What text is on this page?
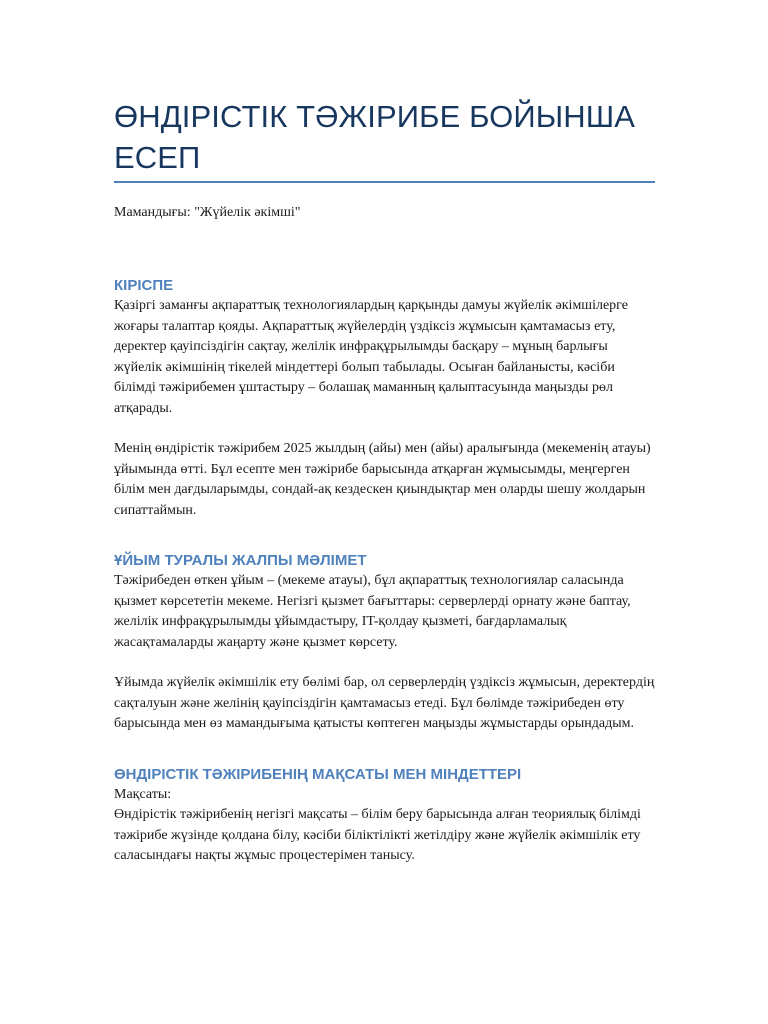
ӨНДІРІСТІК ТӘЖІРИБЕ БОЙЫНША ЕСЕП
Мамандығы: "Жүйелік әкімші"
КІРІСПЕ

Қазіргі заманғы ақпараттық технологиялардың қарқынды дамуы жүйелік әкімшілерге жоғары талаптар қояды. Ақпараттық жүйелердің үздіксіз жұмысын қамтамасыз ету, деректер қауіпсіздігін сақтау, желілік инфрақұрылымды басқару – мұның барлығы жүйелік әкімшінің тікелей міндеттері болып табылады. Осыған байланысты, кәсіби білімді тәжірибемен ұштастыру – болашақ маманның қалыптасуында маңызды рөл атқарады.

Менің өндірістік тәжірибем 2025 жылдың (айы) мен (айы) аралығында (мекеменің атауы) ұйымында өтті. Бұл есепте мен тәжірибе барысында атқарған жұмысымды, меңгерген білім мен дағдыларымды, сондай-ақ кездескен қиындықтар мен оларды шешу жолдарын сипаттаймын.

ҰЙЫМ ТУРАЛЫ ЖАЛПЫ МӘЛІМЕТ

Тәжірибеден өткен ұйым – (мекеме атауы), бұл ақпараттық технологиялар саласында қызмет көрсететін мекеме. Негізгі қызмет бағыттары: серверлерді орнату және баптау, желілік инфрақұрылымды ұйымдастыру, IT-қолдау қызметі, бағдарламалық жасақтамаларды жаңарту және қызмет көрсету.

Ұйымда жүйелік әкімшілік ету бөлімі бар, ол серверлердің үздіксіз жұмысын, деректердің сақталуын және желінің қауіпсіздігін қамтамасыз етеді. Бұл бөлімде тәжірибеден өту барысында мен өз мамандығыма қатысты көптеген маңызды жұмыстарды орындадым.

ӨНДІРІСТІК ТӘЖІРИБЕНІҢ МАҚСАТЫ МЕН МІНДЕТТЕРІ

Мақсаты:

Өндірістік тәжірибенің негізгі мақсаты – білім беру барысында алған теориялық білімді тәжірибе жүзінде қолдана білу, кәсіби біліктілікті жетілдіру және жүйелік әкімшілік ету саласындағы нақты жұмыс процестерімен танысу.
